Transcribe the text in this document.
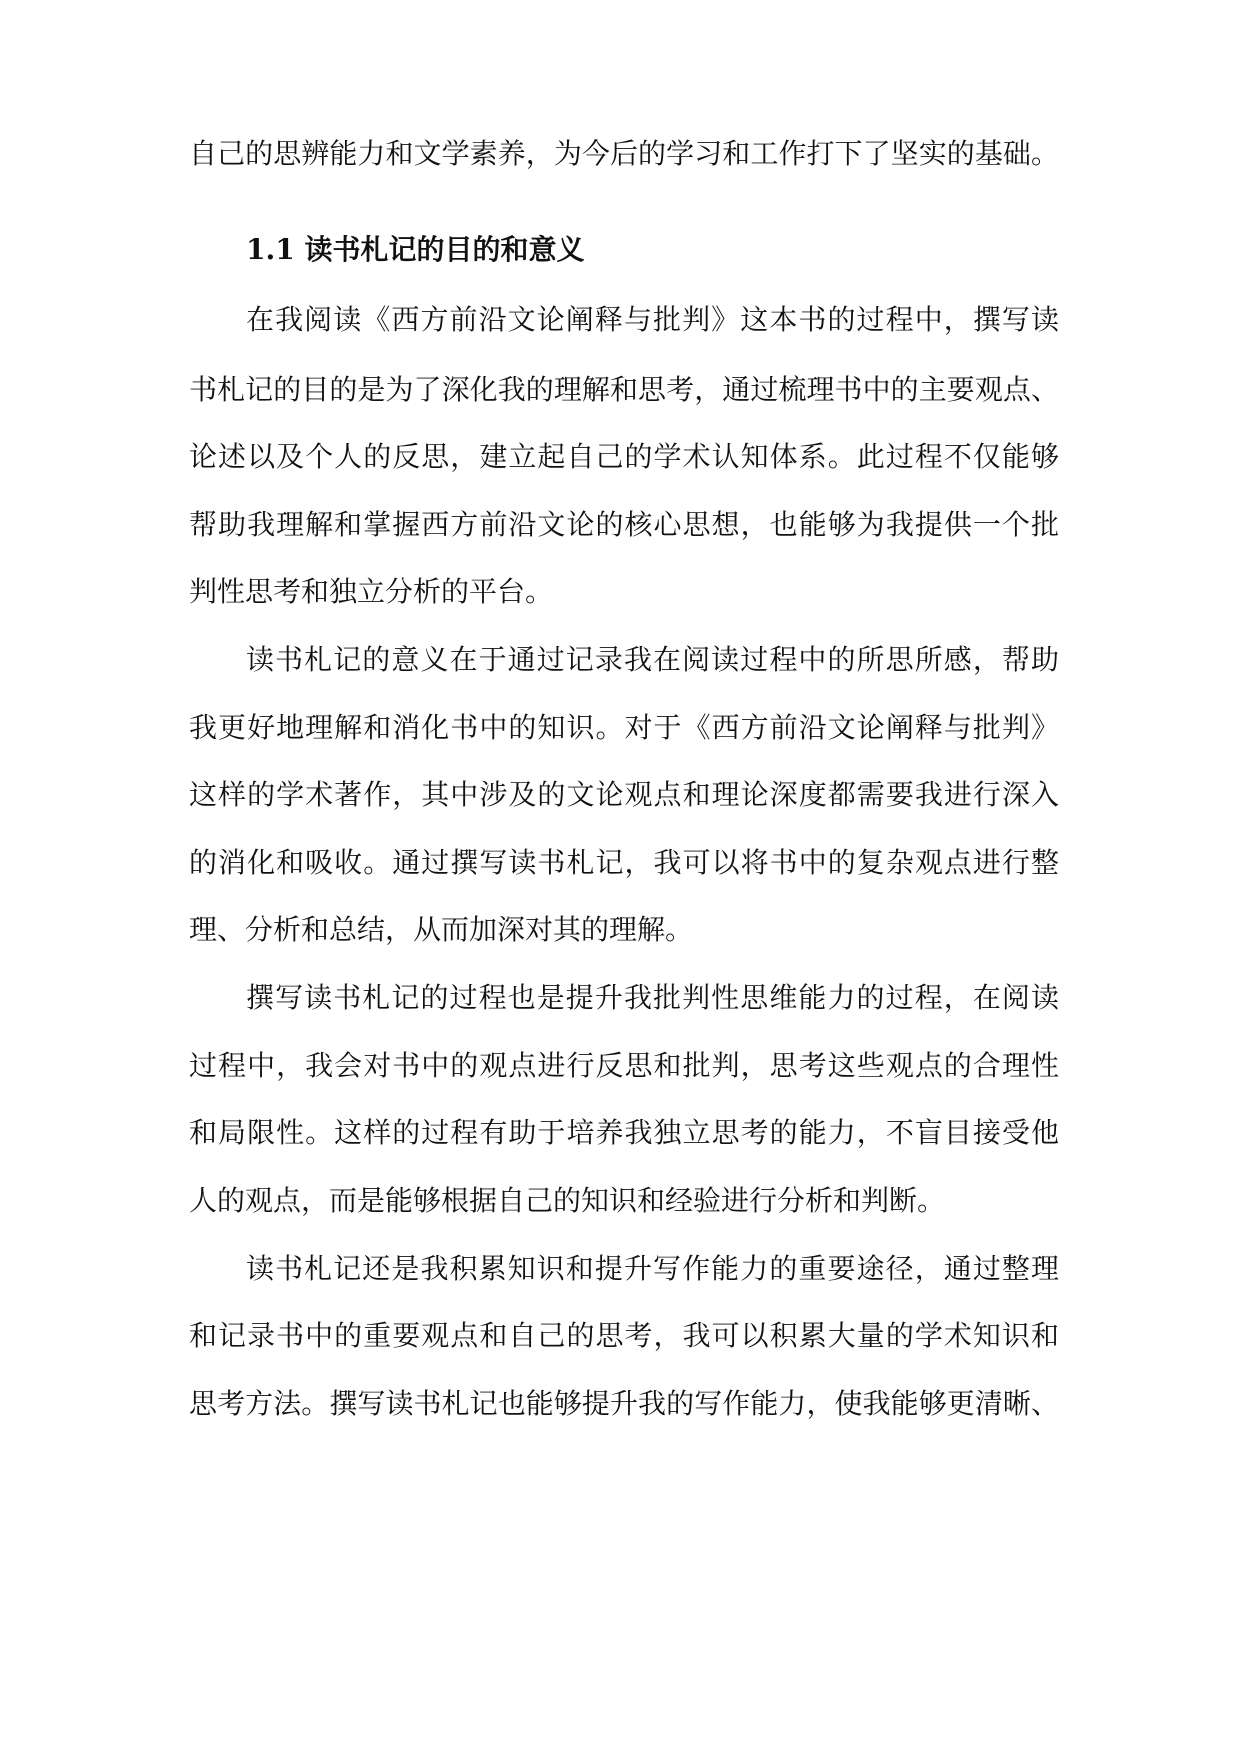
自己的思辨能力和文学素养，为今后的学习和工作打下了坚实的基础。
1.1 读书札记的目的和意义
在我阅读《西方前沿文论阐释与批判》这本书的过程中，撰写读
书札记的目的是为了深化我的理解和思考，通过梳理书中的主要观点、
论述以及个人的反思，建立起自己的学术认知体系。此过程不仅能够
帮助我理解和掌握西方前沿文论的核心思想，也能够为我提供一个批
判性思考和独立分析的平台。
读书札记的意义在于通过记录我在阅读过程中的所思所感，帮助
我更好地理解和消化书中的知识。对于《西方前沿文论阐释与批判》
这样的学术著作，其中涉及的文论观点和理论深度都需要我进行深入
的消化和吸收。通过撰写读书札记，我可以将书中的复杂观点进行整
理、分析和总结，从而加深对其的理解。
撰写读书札记的过程也是提升我批判性思维能力的过程，在阅读
过程中，我会对书中的观点进行反思和批判，思考这些观点的合理性
和局限性。这样的过程有助于培养我独立思考的能力，不盲目接受他
人的观点，而是能够根据自己的知识和经验进行分析和判断。
读书札记还是我积累知识和提升写作能力的重要途径，通过整理
和记录书中的重要观点和自己的思考，我可以积累大量的学术知识和
思考方法。撰写读书札记也能够提升我的写作能力，使我能够更清晰、
